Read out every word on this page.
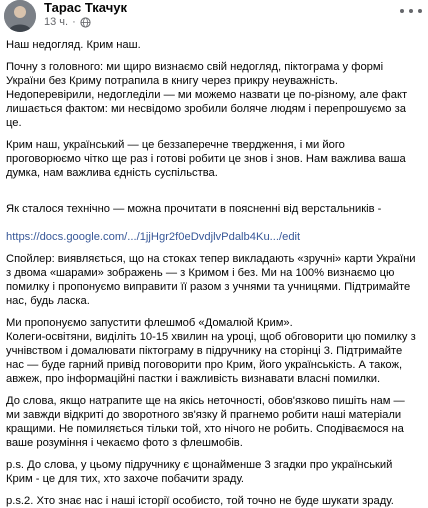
Тарас Ткачук
13 ч. ·

Наш недогляд. Крим наш.

Почну з головного: ми щиро визнаємо свій недогляд, піктограма у формі України без Криму потрапила в книгу через прикру неуважність.
Недоперевірили, недогледіли — ми можемо назвати це по-різному, але факт лишається фактом: ми несвідомо зробили боляче людям і перепрошуємо за це.

Крим наш, український — це беззаперечне твердження, і ми його проговорюємо чітко ще раз і готові робити це знов і знов. Нам важлива ваша думка, нам важлива єдність суспільства.

Як сталося технічно — можна прочитати в поясненні від верстальників -

https://docs.google.com/.../1jjHgr2f0eDvdjlvPdalb4Ku.../edit

Спойлер: виявляється, що на стоках тепер викладають «зручні» карти України з двома «шарами» зображень — з Кримом і без. Ми на 100% визнаємо цю помилку і пропонуємо виправити її разом з учнями та учницями. Підтримайте нас, будь ласка.

Ми пропонуємо запустити флешмоб «Домалюй Крим».
Колеги-освітяни, виділіть 10-15 хвилин на уроці, щоб обговорити цю помилку з учнівством і домалювати піктограму в підручнику на сторінці 3. Підтримайте нас — буде гарний привід поговорити про Крим, його українськість. А також, авжеж, про інформаційні пастки і важливість визнавати власні помилки.

До слова, якщо натрапите ще на якісь неточності, обов'язково пишіть нам — ми завжди відкриті до зворотного зв'язку й прагнемо робити наші матеріали кращими. Не помиляється тільки той, хто нічого не робить. Сподіваємося на ваше розуміння і чекаємо фото з флешмобів.

p.s. До слова, у цьому підручнику є щонайменше 3 згадки про український Крим - це для тих, хто захоче побачити зраду.

p.s.2. Хто знає нас і наші історії особисто, той точно не буде шукати зраду.
